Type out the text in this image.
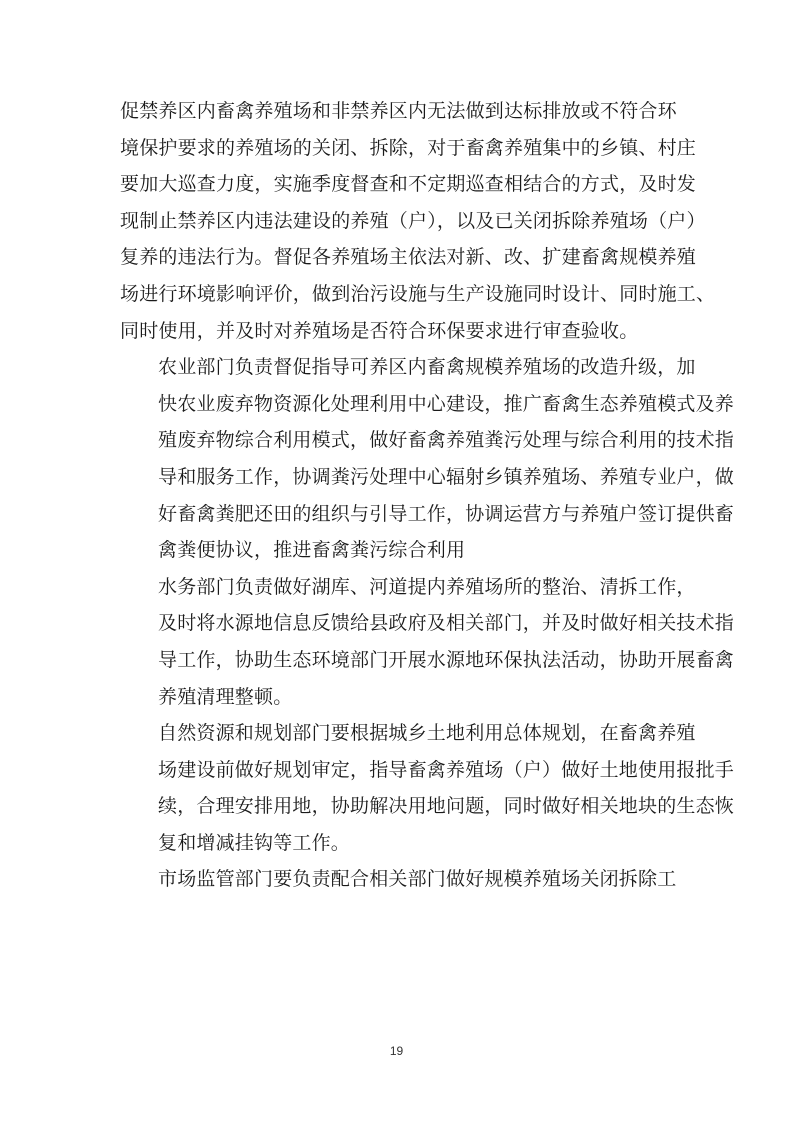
促禁养区内畜禽养殖场和非禁养区内无法做到达标排放或不符合环
境保护要求的养殖场的关闭、拆除，对于畜禽养殖集中的乡镇、村庄
要加大巡查力度，实施季度督查和不定期巡查相结合的方式，及时发
现制止禁养区内违法建设的养殖（户），以及已关闭拆除养殖场（户）
复养的违法行为。督促各养殖场主依法对新、改、扩建畜禽规模养殖
场进行环境影响评价，做到治污设施与生产设施同时设计、同时施工、
同时使用，并及时对养殖场是否符合环保要求进行审查验收。

农业部门负责督促指导可养区内畜禽规模养殖场的改造升级，加
快农业废弃物资源化处理利用中心建设，推广畜禽生态养殖模式及养
殖废弃物综合利用模式，做好畜禽养殖粪污处理与综合利用的技术指
导和服务工作，协调粪污处理中心辐射乡镇养殖场、养殖专业户，做
好畜禽粪肥还田的组织与引导工作，协调运营方与养殖户签订提供畜
禽粪便协议，推进畜禽粪污综合利用

水务部门负责做好湖库、河道提内养殖场所的整治、清拆工作，
及时将水源地信息反馈给县政府及相关部门，并及时做好相关技术指
导工作，协助生态环境部门开展水源地环保执法活动，协助开展畜禽
养殖清理整顿。

自然资源和规划部门要根据城乡土地利用总体规划，在畜禽养殖
场建设前做好规划审定，指导畜禽养殖场（户）做好土地使用报批手
续，合理安排用地，协助解决用地问题，同时做好相关地块的生态恢
复和增减挂钩等工作。

市场监管部门要负责配合相关部门做好规模养殖场关闭拆除工

19
